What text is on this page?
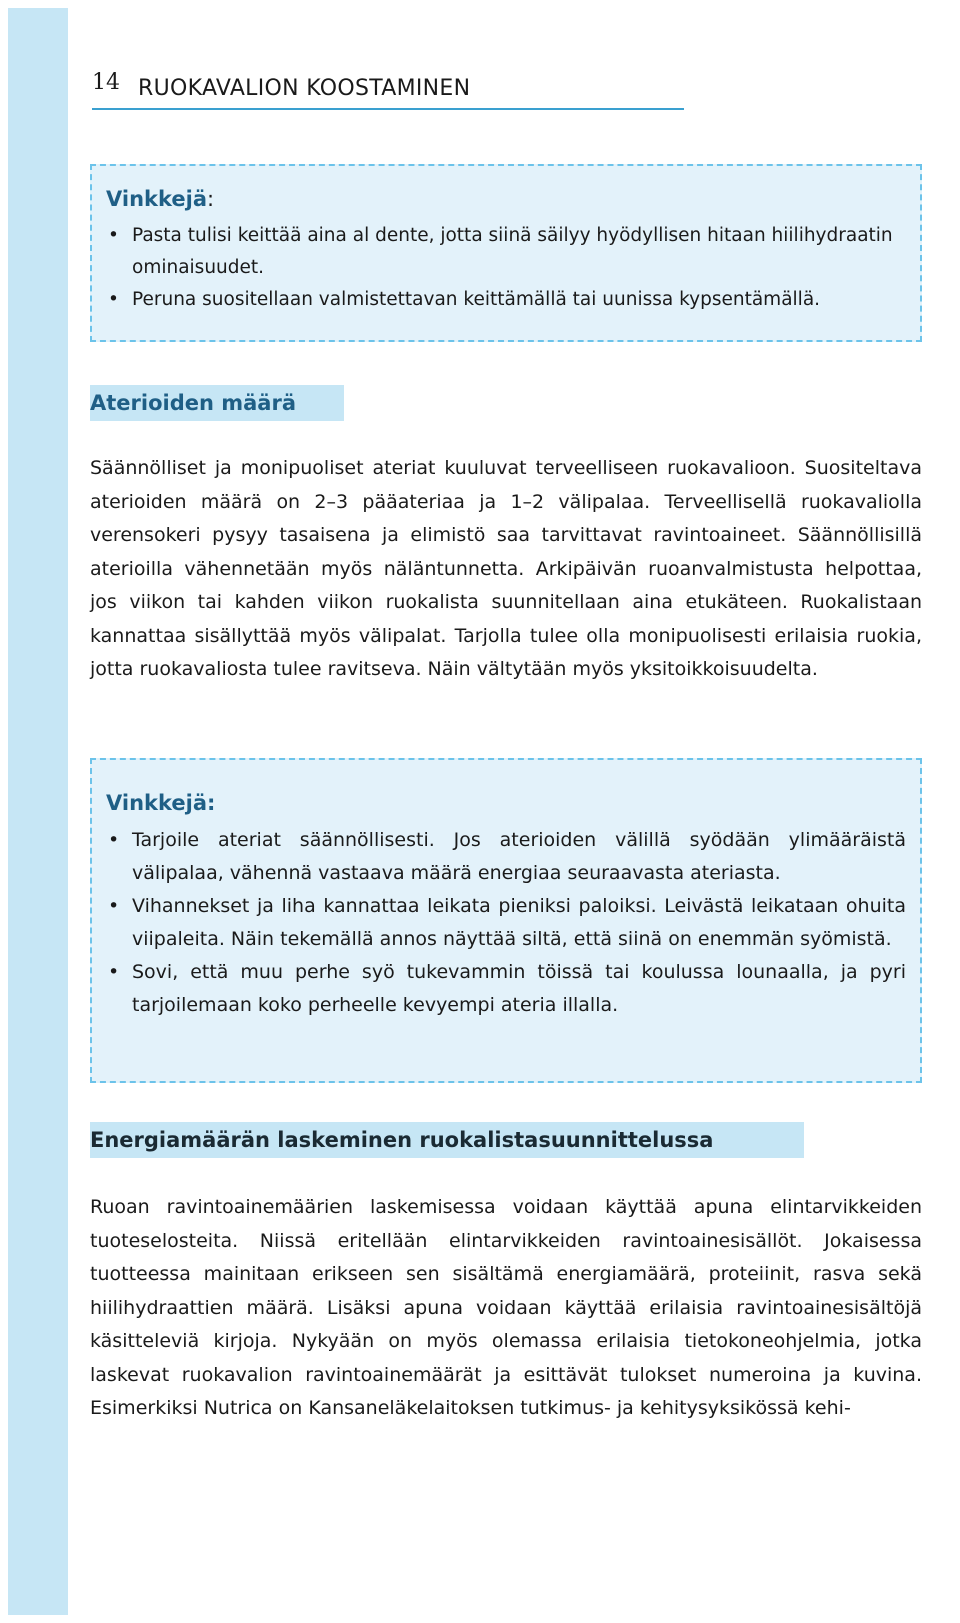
14 RUOKAVALION KOOSTAMINEN
Vinkkejä:
• Pasta tulisi keittää aina al dente, jotta siinä säilyy hyödyllisen hitaan hiilihydraatin ominaisuudet.
• Peruna suositellaan valmistettavan keittämällä tai uunissa kypsentämällä.
Aterioiden määrä

Säännölliset ja monipuoliset ateriat kuuluvat terveelliseen ruokavalioon. Suositeltava aterioiden määrä on 2–3 pääateriaa ja 1–2 välipalaa. Terveellisellä ruokavaliolla verensokeri pysyy tasaisena ja elimistö saa tarvittavat ravintoaineet. Säännöllisillä aterioilla vähennetään myös näläntunnetta. Arkipäivän ruoanvalmistusta helpottaa, jos viikon tai kahden viikon ruokalista suunnitellaan aina etukäteen. Ruokalistaan kannattaa sisällyttää myös välipalat. Tarjolla tulee olla monipuolisesti erilaisia ruokia, jotta ruokavaliosta tulee ravitseva. Näin vältytään myös yksitoikkoisuudelta.

Vinkkejä:
• Tarjoile ateriat säännöllisesti. Jos aterioiden välillä syödään ylimääräistä välipalaa, vähennä vastaava määrä energiaa seuraavasta ateriasta.
• Vihannekset ja liha kannattaa leikata pieniksi paloiksi. Leivästä leikataan ohuita viipaleita. Näin tekemällä annos näyttää siltä, että siinä on enemmän syömistä.
• Sovi, että muu perhe syö tukevammin töissä tai koulussa lounaalla, ja pyri tarjoilemaan koko perheelle kevyempi ateria illalla.
Energiamäärän laskeminen ruokalistasuunnittelussa

Ruoan ravintoainemäärien laskemisessa voidaan käyttää apuna elintarvikkeiden tuoteselosteita. Niissä eritellään elintarvikkeiden ravintoainesisällöt. Jokaisessa tuotteessa mainitaan erikseen sen sisältämä energiamäärä, proteiinit, rasva sekä hiilihydraattien määrä. Lisäksi apuna voidaan käyttää erilaisia ravintoainesisältöjä käsitteleviä kirjoja. Nykyään on myös olemassa erilaisia tietokoneohjelmia, jotka laskevat ruokavalion ravintoainemäärät ja esittävät tulokset numeroina ja kuvina. Esimerkiksi Nutrica on Kansaneläkelaitoksen tutkimus- ja kehitysyksikössä kehi-
